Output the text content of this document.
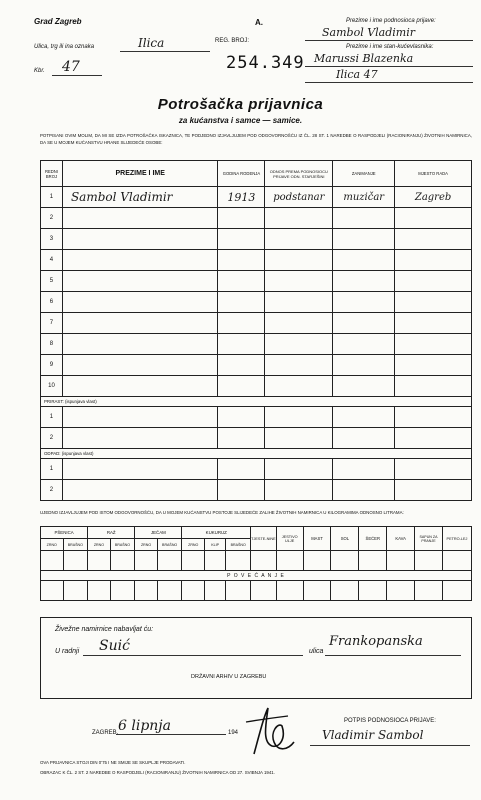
Grad Zagreb	A.
Ulica, trg ili ina oznaka	Ilica
Kbr. 47
REG. BROJ:
254.349
Prezime i ime podnosioca prijave:
Sambol Vladimir
Prezime i ime stan-kućevlasnika:
Marussi Blazenka
Ilica 47
Potrošačka prijavnica
za kućanstva i samce — samice.
POTPISANI OVIM MOLIM, DA MI SE IZDA POTROŠAČKA ISKAZNICA, TE PODJEDNO IZJAVLJUJEM POD ODGOVORNOŠĆU IZ ČL. 28 ST. 1 NAREDBE O RASPODJELI (RACIONIRANJU) ŽIVOTNIH NAMIRNICA, DA SE U MOJEM KUĆANSTVU HRANE SLIJEDEĆE OSOBE:
REDNI BROJ	PREZIME I IME	GODINA RODENJA	ODNOS PREMA PODNOSIOCU PRIJAVE ODN. STARJEŠINI	ZANIMANJE	MJESTO RADA
1	Sambol Vladimir	1913	podstanar	muzičar	Zagreb
2					
3					
4					
5					
6					
7					
8					
9					
10					
PRIRAST: (ispunjava vlast)					
1					
2					
ODPAD: (ispunjava vlast)					
1					
2					
UJEDNO IZJAVLJUJEM POD ISTOM ODGOVORNOŠĆU, DA U MOJEM KUĆANSTVU POSTOJE SLIJEDEĆE ZALIHE ŽIVOTNIH NAMIRNICA U KILOGRAMIMA ODNOSNO LITRAMA:
PŠENICA		RAŽ		JEČAM		KUKURUZ			TJESTE-NINE	JESTIVO ULJE	MAST	SOL	ŠEĆER	KAVA	SAPUN ZA PRANJE	PETRO-LEJ
ZRNO	BRAŠNO	ZRNO	BRAŠNO	ZRNO	BRAŠNO	ZRNO	KLIP	BRAŠNO								

P O V E Ć A N J E																

Živežne namirnice nabavljat ću:
U radnji Suić	ulica
Frankopanska
DRŽAVNI ARHIV U ZAGREBU
ZAGREB, 6 lipnja	194
POTPIS PODNOSIOCA PRIJAVE:
Vladimir Sambol
OVA PRIJAVNICA STOJI DIN 0'75 I NE SMIJE SE SKUPLJE PRODAVATI.
OBRAZAC K ČL. 2 ST. 2 NAREDBE O RASPODJELI (RACIONIRANJU) ŽIVOTNIH NAMIRNICA OD 27. SVIBNJA 1941.
